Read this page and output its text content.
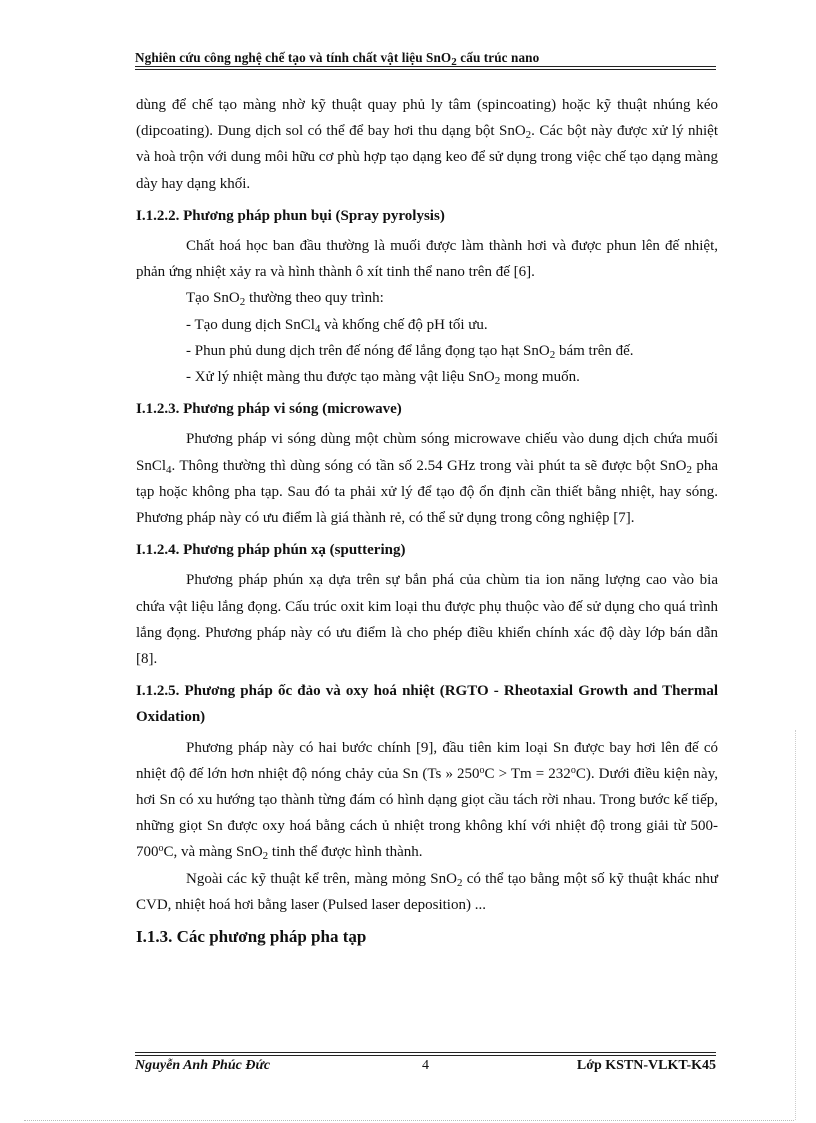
Nghiên cứu công nghệ chế tạo và tính chất vật liệu SnO$_2$ cấu trúc nano

dùng để chế tạo màng nhờ kỹ thuật quay phủ ly tâm (spincoating) hoặc kỹ thuật nhúng kéo (dipcoating). Dung dịch sol có thể để bay hơi thu dạng bột SnO$_2$. Các bột này được xử lý nhiệt và hoà trộn với dung môi hữu cơ phù hợp tạo dạng keo để sử dụng trong việc chế tạo dạng màng dày hay dạng khối.

I.1.2.2. Phương pháp phun bụi (Spray pyrolysis)

Chất hoá học ban đầu thường là muối được làm thành hơi và được phun lên đế nhiệt, phản ứng nhiệt xảy ra và hình thành ô xít tinh thể nano trên đế [6].

Tạo SnO$_2$ thường theo quy trình:

- Tạo dung dịch SnCl$_4$ và khống chế độ pH tối ưu.

- Phun phủ dung dịch trên đế nóng để lắng đọng tạo hạt SnO$_2$ bám trên đế.

- Xử lý nhiệt màng thu được tạo màng vật liệu SnO$_2$ mong muốn.

I.1.2.3. Phương pháp vi sóng (microwave)

Phương pháp vi sóng dùng một chùm sóng microwave chiếu vào dung dịch chứa muối SnCl$_4$. Thông thường thì dùng sóng có tần số 2.54 GHz trong vài phút ta sẽ được bột SnO$_2$ pha tạp hoặc không pha tạp. Sau đó ta phải xử lý để tạo độ ổn định cần thiết bằng nhiệt, hay sóng. Phương pháp này có ưu điểm là giá thành rẻ, có thể sử dụng trong công nghiệp [7].

I.1.2.4. Phương pháp phún xạ (sputtering)

Phương pháp phún xạ dựa trên sự bắn phá của chùm tia ion năng lượng cao vào bia chứa vật liệu lắng đọng. Cấu trúc oxit kim loại thu được phụ thuộc vào đế sử dụng cho quá trình lắng đọng. Phương pháp này có ưu điểm là cho phép điều khiển chính xác độ dày lớp bán dẫn [8].

I.1.2.5. Phương pháp ốc đảo và oxy hoá nhiệt (RGTO - Rheotaxial Growth and Thermal Oxidation)

Phương pháp này có hai bước chính [9], đầu tiên kim loại Sn được bay hơi lên đế có nhiệt độ đế lớn hơn nhiệt độ nóng chảy của Sn (Ts » $250^oC > Tm = 232^oC$). Dưới điều kiện này, hơi Sn có xu hướng tạo thành từng đám có hình dạng giọt cầu tách rời nhau. Trong bước kế tiếp, những giọt Sn được oxy hoá bằng cách ủ nhiệt trong không khí với nhiệt độ trong giải từ 500-700$^o$C, và màng SnO$_2$ tinh thể được hình thành.

Ngoài các kỹ thuật kể trên, màng mỏng SnO$_2$ có thể tạo bằng một số kỹ thuật khác như CVD, nhiệt hoá hơi bằng laser (Pulsed laser deposition) ...

I.1.3. Các phương pháp pha tạp
Nguyễn Anh Phúc Đức	4	Lớp KSTN-VLKT-K45
